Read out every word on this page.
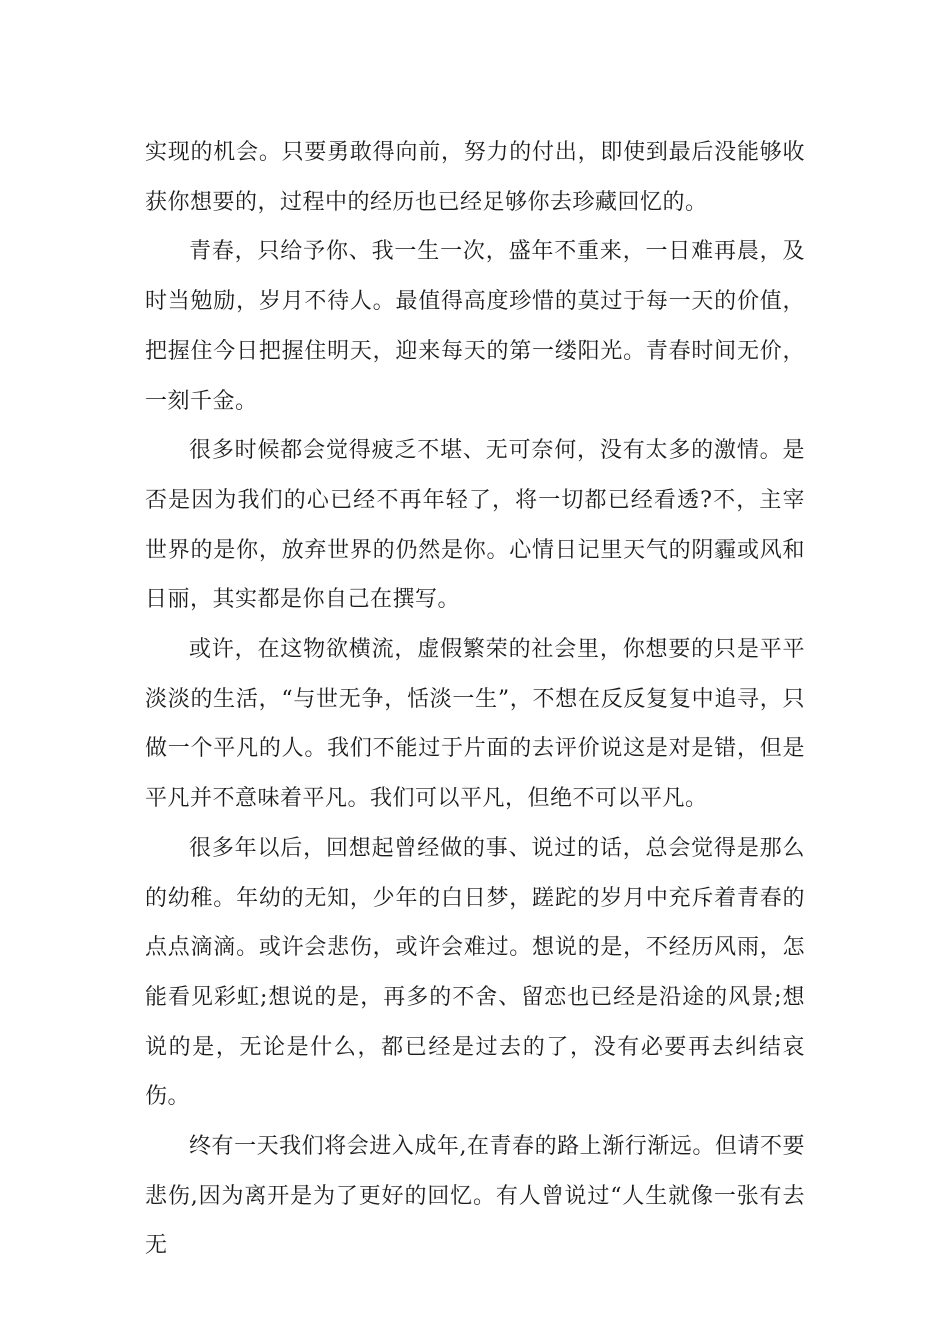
实现的机会。只要勇敢得向前，努力的付出，即使到最后没能够收获你想要的，过程中的经历也已经足够你去珍藏回忆的。

青春，只给予你、我一生一次，盛年不重来，一日难再晨，及时当勉励，岁月不待人。最值得高度珍惜的莫过于每一天的价值，把握住今日把握住明天，迎来每天的第一缕阳光。青春时间无价，一刻千金。

很多时候都会觉得疲乏不堪、无可奈何，没有太多的激情。是否是因为我们的心已经不再年轻了，将一切都已经看透?不，主宰世界的是你，放弃世界的仍然是你。心情日记里天气的阴霾或风和日丽，其实都是你自己在撰写。

或许，在这物欲横流，虚假繁荣的社会里，你想要的只是平平淡淡的生活，“与世无争，恬淡一生”，不想在反反复复中追寻，只做一个平凡的人。我们不能过于片面的去评价说这是对是错，但是平凡并不意味着平凡。我们可以平凡，但绝不可以平凡。

很多年以后，回想起曾经做的事、说过的话，总会觉得是那么的幼稚。年幼的无知，少年的白日梦，蹉跎的岁月中充斥着青春的点点滴滴。或许会悲伤，或许会难过。想说的是，不经历风雨，怎能看见彩虹;想说的是，再多的不舍、留恋也已经是沿途的风景;想说的是，无论是什么，都已经是过去的了，没有必要再去纠结哀伤。

终有一天我们将会进入成年,在青春的路上渐行渐远。但请不要悲伤,因为离开是为了更好的回忆。有人曾说过“人生就像一张有去无
